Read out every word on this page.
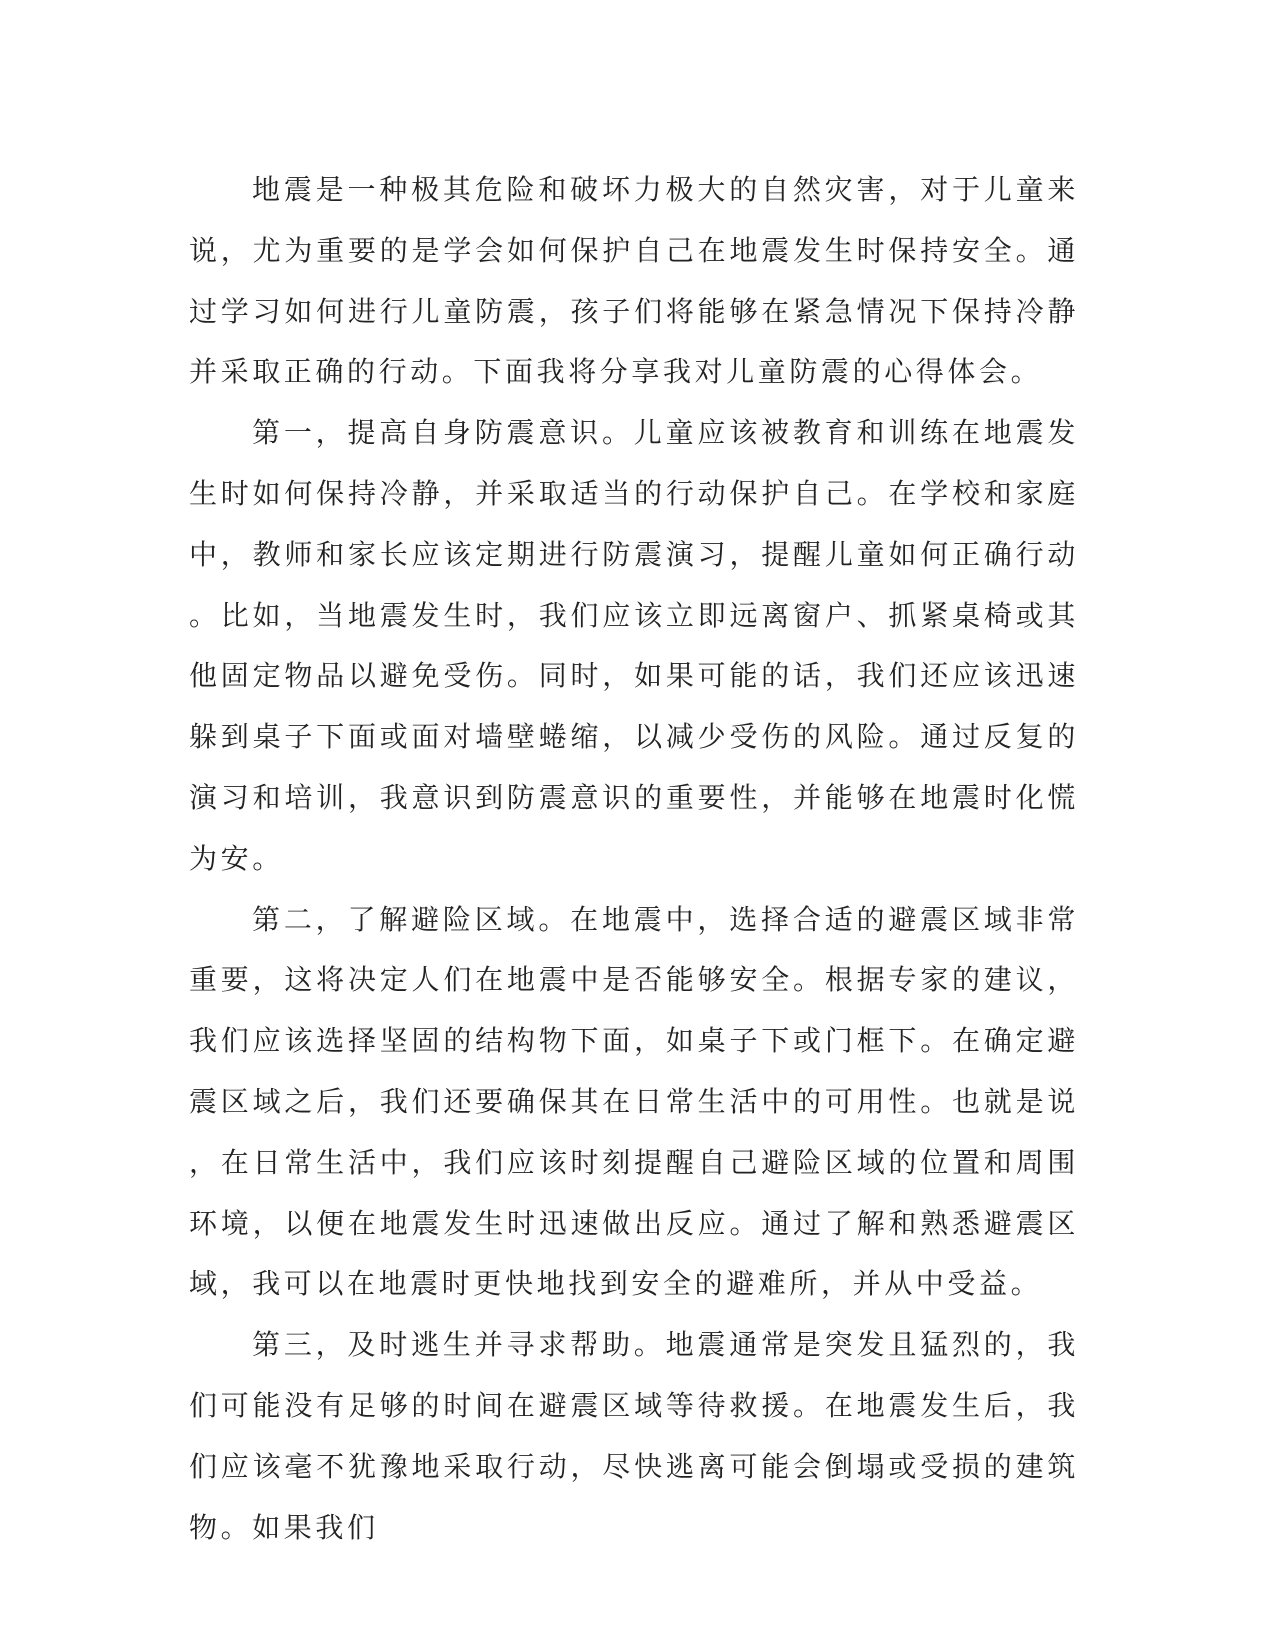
地震是一种极其危险和破坏力极大的自然灾害，对于儿童来说，尤为重要的是学会如何保护自己在地震发生时保持安全。通过学习如何进行儿童防震，孩子们将能够在紧急情况下保持冷静并采取正确的行动。下面我将分享我对儿童防震的心得体会。

第一，提高自身防震意识。儿童应该被教育和训练在地震发生时如何保持冷静，并采取适当的行动保护自己。在学校和家庭中，教师和家长应该定期进行防震演习，提醒儿童如何正确行动。比如，当地震发生时，我们应该立即远离窗户、抓紧桌椅或其他固定物品以避免受伤。同时，如果可能的话，我们还应该迅速躲到桌子下面或面对墙壁蜷缩，以减少受伤的风险。通过反复的演习和培训，我意识到防震意识的重要性，并能够在地震时化慌为安。

第二，了解避险区域。在地震中，选择合适的避震区域非常重要，这将决定人们在地震中是否能够安全。根据专家的建议，我们应该选择坚固的结构物下面，如桌子下或门框下。在确定避震区域之后，我们还要确保其在日常生活中的可用性。也就是说，在日常生活中，我们应该时刻提醒自己避险区域的位置和周围环境，以便在地震发生时迅速做出反应。通过了解和熟悉避震区域，我可以在地震时更快地找到安全的避难所，并从中受益。

第三，及时逃生并寻求帮助。地震通常是突发且猛烈的，我们可能没有足够的时间在避震区域等待救援。在地震发生后，我们应该毫不犹豫地采取行动，尽快逃离可能会倒塌或受损的建筑物。如果我们
